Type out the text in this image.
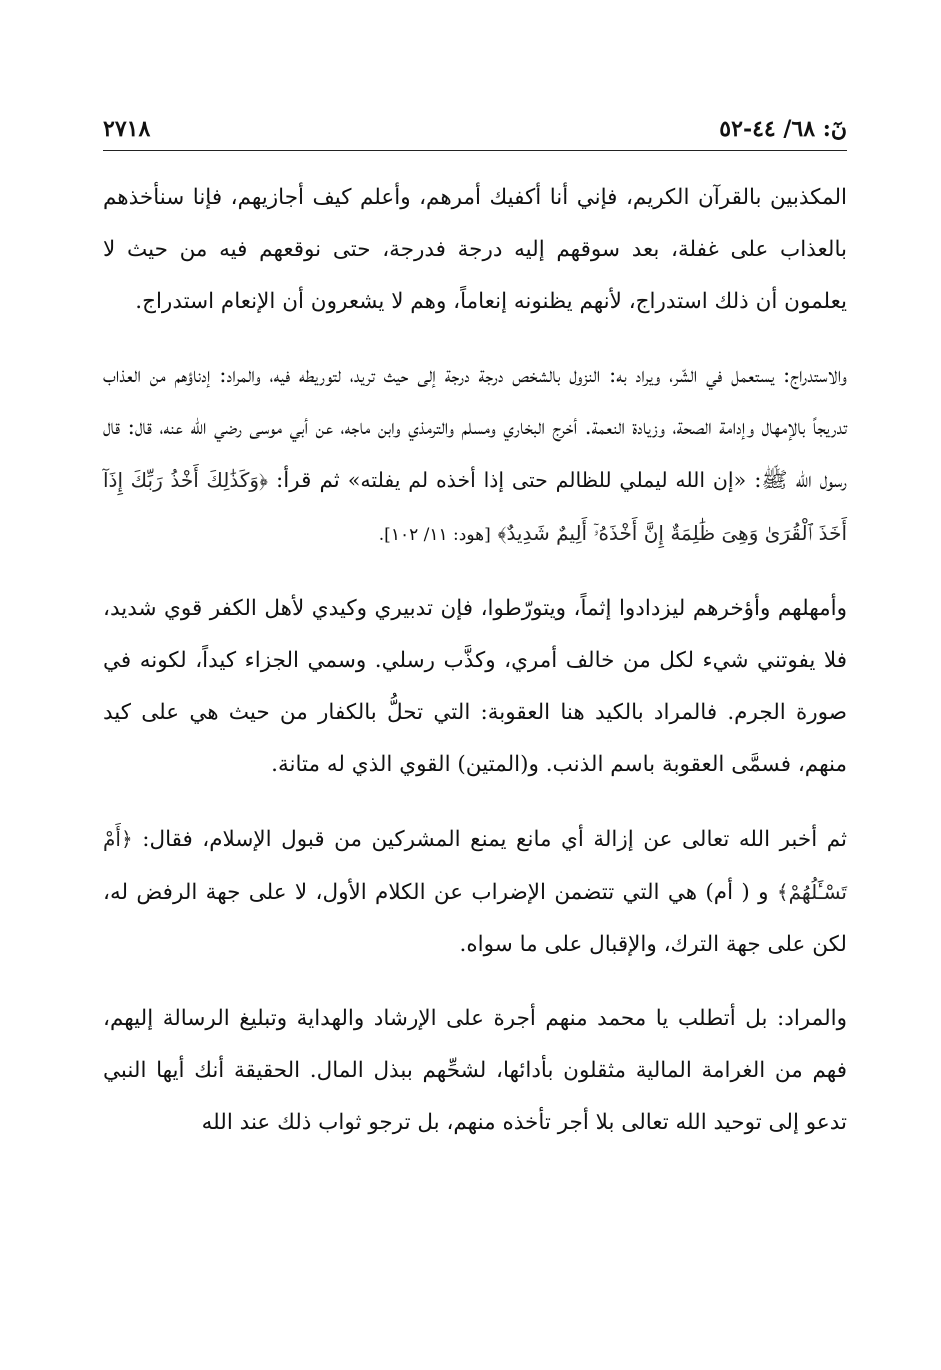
نٓ: ٦٨/ ٤٤-٥٢
٢٧١٨

المكذبين بالقرآن الكريم، فإني أنا أكفيك أمرهم، وأعلم كيف أجازيهم، فإنا سنأخذهم بالعذاب على غفلة، بعد سوقهم إليه درجة فدرجة، حتى نوقعهم فيه من حيث لا يعلمون أن ذلك استدراج، لأنهم يظنونه إنعاماً، وهم لا يشعرون أن الإنعام استدراج.

والاستدراج: يستعمل في الشّر، ويراد به: النزول بالشخص درجة درجة إلى حيث تريد، لتوريطه فيه، والمراد: إدناؤهم من العذاب تدريجاً بالإمهال وإدامة الصحة، وزيادة النعمة. أخرج البخاري ومسلم والترمذي وابن ماجه، عن أبي موسى رضي الله عنه، قال: قال رسول الله ﷺ: «إن الله ليملي للظالم حتى إذا أخذه لم يفلته» ثم قرأ: ﴿وَكَذَٰلِكَ أَخْذُ رَبِّكَ إِذَآ أَخَذَ ٱلْقُرَىٰ وَهِىَ ظَٰلِمَةٌ إِنَّ أَخْذَهُۥٓ أَلِيمٌ شَدِيدٌ﴾ [هود: ١١/ ١٠٢].

وأمهلهم وأؤخرهم ليزدادوا إثماً، ويتورّطوا، فإن تدبيري وكيدي لأهل الكفر قوي شديد، فلا يفوتني شيء لكل من خالف أمري، وكذَّب رسلي. وسمي الجزاء كيداً، لكونه في صورة الجرم. فالمراد بالكيد هنا العقوبة: التي تحلُّ بالكفار من حيث هي على كيد منهم، فسمَّى العقوبة باسم الذنب. و(المتين) القوي الذي له متانة.

ثم أخبر الله تعالى عن إزالة أي مانع يمنع المشركين من قبول الإسلام، فقال: ﴿أَمْ تَسْـَٔلُهُمْ﴾ و ( أم) هي التي تتضمن الإضراب عن الكلام الأول، لا على جهة الرفض له، لكن على جهة الترك، والإقبال على ما سواه.

والمراد: بل أتطلب يا محمد منهم أجرة على الإرشاد والهداية وتبليغ الرسالة إليهم، فهم من الغرامة المالية مثقلون بأدائها، لشحِّهم ببذل المال. الحقيقة أنك أيها النبي تدعو إلى توحيد الله تعالى بلا أجر تأخذه منهم، بل ترجو ثواب ذلك عند الله
